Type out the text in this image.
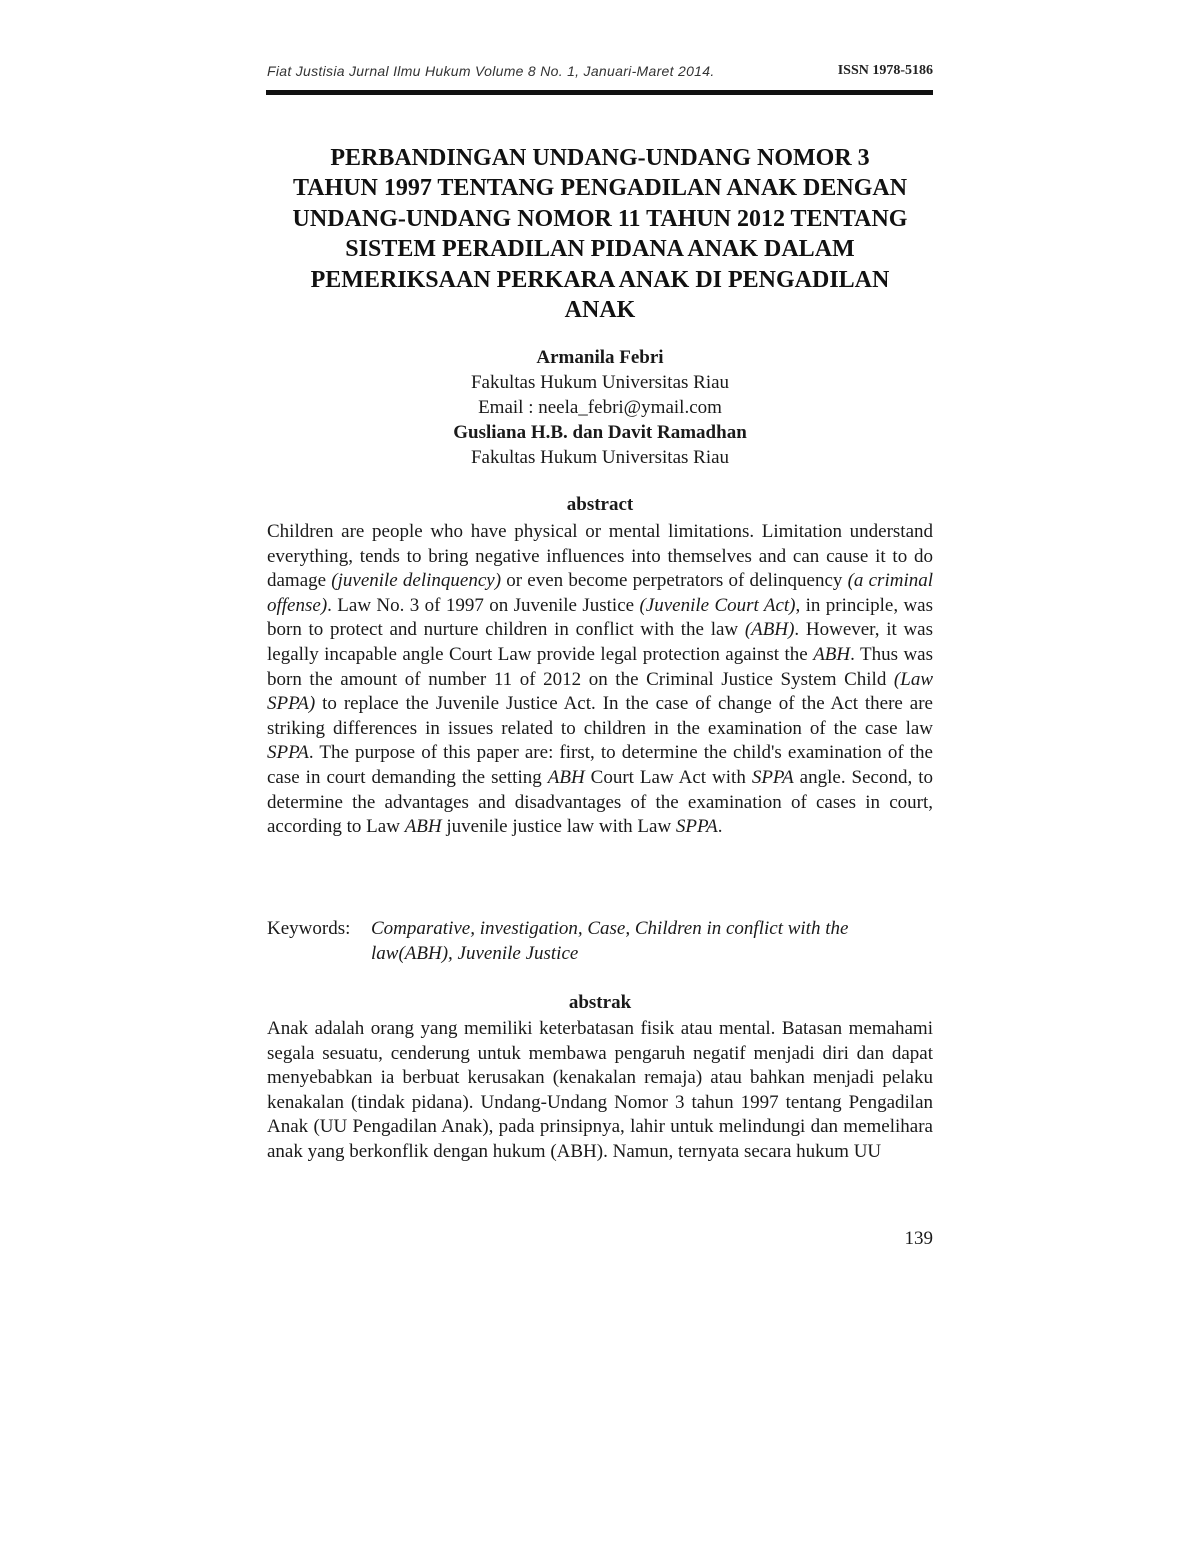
Fiat Justisia Jurnal Ilmu Hukum Volume 8 No. 1, Januari-Maret 2014.	ISSN 1978-5186
PERBANDINGAN UNDANG-UNDANG NOMOR 3
TAHUN 1997 TENTANG PENGADILAN ANAK DENGAN
UNDANG-UNDANG NOMOR 11 TAHUN 2012 TENTANG
SISTEM PERADILAN PIDANA ANAK DALAM
PEMERIKSAAN PERKARA ANAK DI PENGADILAN
ANAK
Armanila Febri
Fakultas Hukum Universitas Riau
Email : neela_febri@ymail.com
Gusliana H.B. dan Davit Ramadhan
Fakultas Hukum Universitas Riau
abstract

Children are people who have physical or mental limitations. Limitation understand everything, tends to bring negative influences into themselves and can cause it to do damage (juvenile delinquency) or even become perpetrators of delinquency (a criminal offense). Law No. 3 of 1997 on Juvenile Justice (Juvenile Court Act), in principle, was born to protect and nurture children in conflict with the law (ABH). However, it was legally incapable angle Court Law provide legal protection against the ABH. Thus was born the amount of number 11 of 2012 on the Criminal Justice System Child (Law SPPA) to replace the Juvenile Justice Act. In the case of change of the Act there are striking differences in issues related to children in the examination of the case law SPPA. The purpose of this paper are: first, to determine the child's examination of the case in court demanding the setting ABH Court Law Act with SPPA angle. Second, to determine the advantages and disadvantages of the examination of cases in court, according to Law ABH juvenile justice law with Law SPPA.

Keywords: Comparative, investigation, Case, Children in conflict with the law(ABH), Juvenile Justice
abstrak

Anak adalah orang yang memiliki keterbatasan fisik atau mental. Batasan memahami segala sesuatu, cenderung untuk membawa pengaruh negatif menjadi diri dan dapat menyebabkan ia berbuat kerusakan (kenakalan remaja) atau bahkan menjadi pelaku kenakalan (tindak pidana). Undang-Undang Nomor 3 tahun 1997 tentang Pengadilan Anak (UU Pengadilan Anak), pada prinsipnya, lahir untuk melindungi dan memelihara anak yang berkonflik dengan hukum (ABH). Namun, ternyata secara hukum UU

139
